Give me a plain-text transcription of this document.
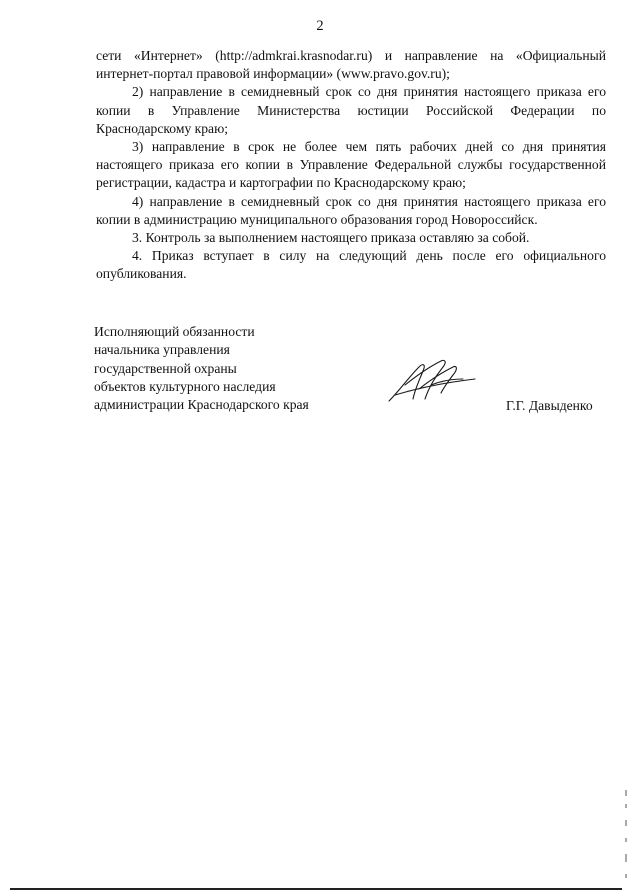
2

сети «Интернет» (http://admkrai.krasnodar.ru) и направление на «Официальный интернет-портал правовой информации» (www.pravo.gov.ru);

2) направление в семидневный срок со дня принятия настоящего приказа его копии в Управление Министерства юстиции Российской Федерации по Краснодарскому краю;

3) направление в срок не более чем пять рабочих дней со дня принятия настоящего приказа его копии в Управление Федеральной службы государственной регистрации, кадастра и картографии по Краснодарскому краю;

4) направление в семидневный срок со дня принятия настоящего приказа его копии в администрацию муниципального образования город Новороссийск.

3. Контроль за выполнением настоящего приказа оставляю за собой.

4. Приказ вступает в силу на следующий день после его официального опубликования.

Исполняющий обязанности
начальника управления
государственной охраны
объектов культурного наследия
администрации Краснодарского края	Г.Г. Давыденко
